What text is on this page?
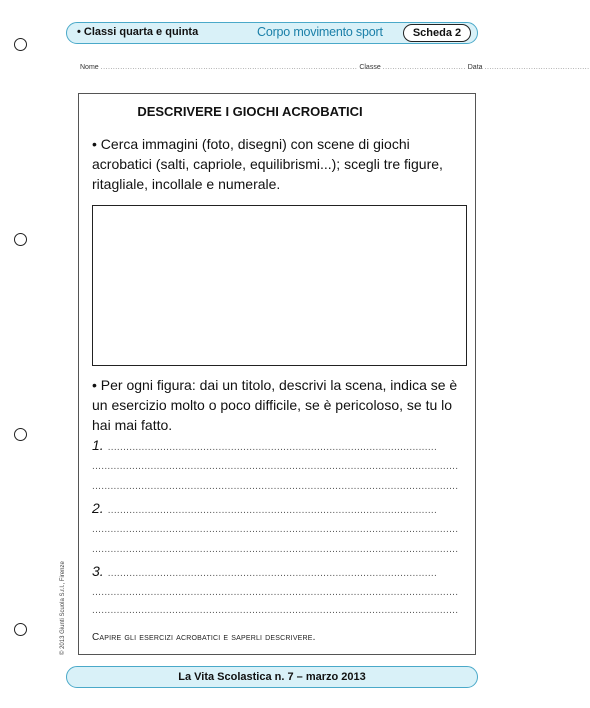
• Classi quarta e quinta	Corpo movimento sport	Scheda 2
Nome ......................................................................................................... Classe .................................. Data ...........................................
DESCRIVERE I GIOCHI ACROBATICI
• Cerca immagini (foto, disegni) con scene di giochi acrobatici (salti, capriole, equilibrismi...); scegli tre figure, ritagliale, incollale e numerale.
• Per ogni figura: dai un titolo, descrivi la scena, indica se è un esercizio molto o poco difficile, se è pericoloso, se tu lo hai mai fatto.
1. ...........................................................................................................
.......................................................................................................................
.......................................................................................................................
2. ...........................................................................................................
.......................................................................................................................
.......................................................................................................................
3. ...........................................................................................................
.......................................................................................................................
.......................................................................................................................
Capire gli esercizi acrobatici e saperli descrivere.
© 2013 Giunti Scuola S.r.l., Firenze
La Vita Scolastica n. 7 – marzo 2013
